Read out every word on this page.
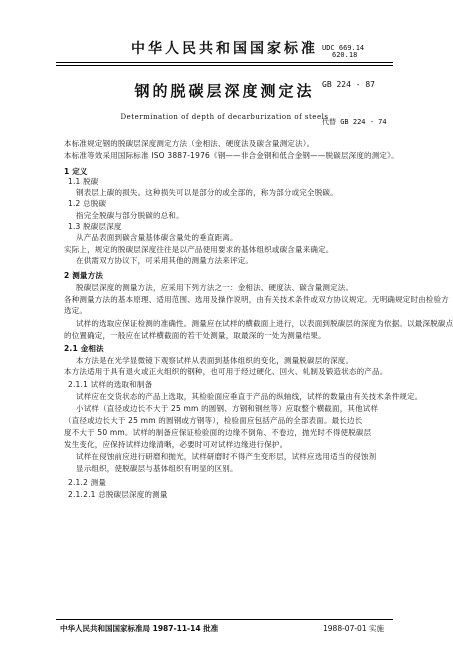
中华人民共和国国家标准 UDC 669.14
620.18
钢的脱碳层深度测定法 GB 224 - 87
Determination of depth of decarburization of steels
代替 GB 224 - 74
本标准规定钢的脱碳层深度测定方法（金相法、硬度法及碳含量测定法）。
本标准等效采用国际标准 ISO 3887-1976《钢——非合金钢和低合金钢——脱碳层深度的测定》。
1 定义
1.1 脱碳
钢表层上碳的损失。这种损失可以是部分的或全部的，称为部分或完全脱碳。
1.2 总脱碳
指完全脱碳与部分脱碳的总和。
1.3 脱碳层深度
从产品表面到碳含量基体碳含量处的垂直距离。
实际上，规定的脱碳层深度往往是以产品使用要求的基体组织或碳含量来确定。
在供需双方协议下，可采用其他的测量方法来评定。
2 测量方法
脱碳层深度的测量方法，应采用下列方法之一：金相法、硬度法、碳含量测定法。
各种测量方法的基本原理、适用范围、选用及操作说明，由有关技术条件或双方协议规定。无明确规定时由检验方
选定。
试样的选取应保证检测的准确性。测量应在试样的横截面上进行，以表面到脱碳层的深度为依据。以最深脱碳点
的位置确定，一般应在试样横截面的若干处测量，取最深的一处为测量结果。
2.1 金相法
本方法是在光学显微镜下观察试样从表面到基体组织的变化，测量脱碳层的深度。
本方法适用于具有退火或正火组织的钢种，也可用于经过硬化、回火、轧制及锻造状态的产品。
2.1.1 试样的选取和制备
试样应在交货状态的产品上选取，其检验面应垂直于产品的纵轴线，试样的数量由有关技术条件规定。
小试样（直径或边长不大于 25 mm 的圆钢、方钢和钢丝等）应取整个横截面，其他试样
（直径或边长大于 25 mm 的圆钢或方钢等），检验面应包括产品的全部表面。最长边长
度不大于 50 mm。试样的制备应保证检验面的边缘不倒角、不卷边，抛光时不得使脱碳层
发生变化，应保持试样边缘清晰，必要时可对试样边缘进行保护。
试样在侵蚀前应进行研磨和抛光，试样研磨时不得产生变形层，试样应选用适当的侵蚀剂
显示组织，使脱碳层与基体组织有明显的区别。
2.1.2 测量
2.1.2.1 总脱碳层深度的测量
中华人民共和国国家标准局 1987-11-14 批准	1988-07-01 实施
